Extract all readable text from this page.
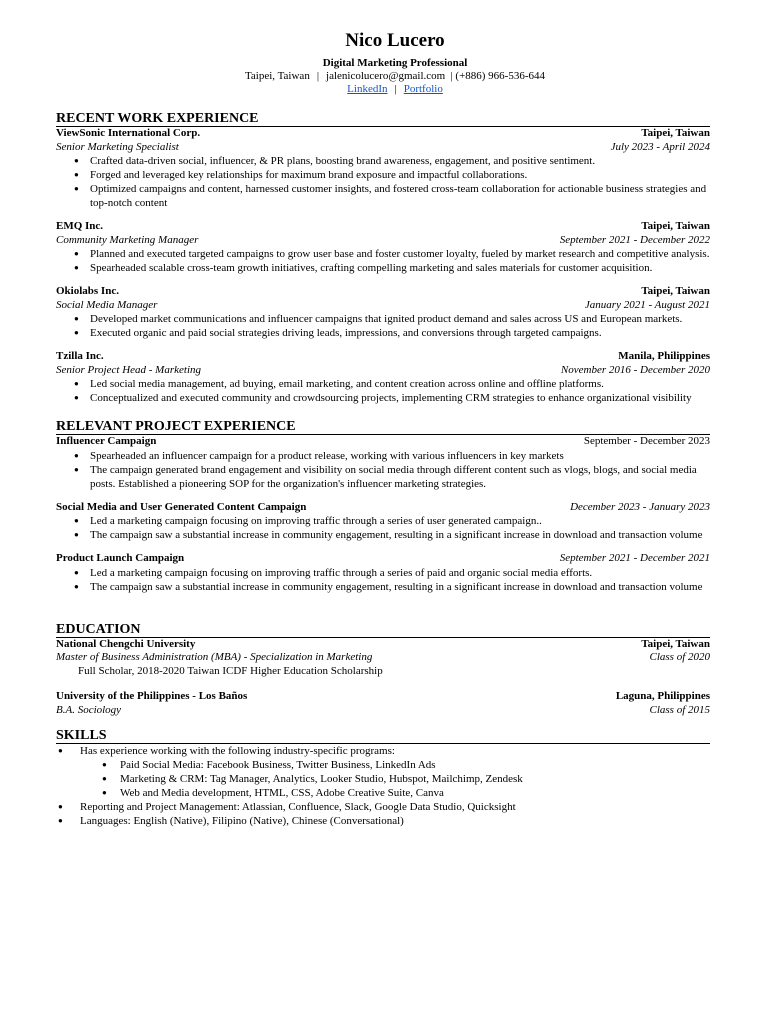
Nico Lucero
Digital Marketing Professional
Taipei, Taiwan | jalenicolucero@gmail.com | (+886) 966-536-644
LinkedIn | Portfolio
RECENT WORK EXPERIENCE
ViewSonic International Corp.	Taipei, Taiwan
Senior Marketing Specialist	July 2023 - April 2024
● Crafted data-driven social, influencer, & PR plans, boosting brand awareness, engagement, and positive sentiment.
● Forged and leveraged key relationships for maximum brand exposure and impactful collaborations.
● Optimized campaigns and content, harnessed customer insights, and fostered cross-team collaboration for actionable business strategies and top-notch content
EMQ Inc.	Taipei, Taiwan
Community Marketing Manager	September 2021 - December 2022
● Planned and executed targeted campaigns to grow user base and foster customer loyalty, fueled by market research and competitive analysis.
● Spearheaded scalable cross-team growth initiatives, crafting compelling marketing and sales materials for customer acquisition.
Okiolabs Inc.	Taipei, Taiwan
Social Media Manager	January 2021 - August 2021
● Developed market communications and influencer campaigns that ignited product demand and sales across US and European markets.
● Executed organic and paid social strategies driving leads, impressions, and conversions through targeted campaigns.
Tzilla Inc.	Manila, Philippines
Senior Project Head - Marketing	November 2016 - December 2020
● Led social media management, ad buying, email marketing, and content creation across online and offline platforms.
● Conceptualized and executed community and crowdsourcing projects, implementing CRM strategies to enhance organizational visibility
RELEVANT PROJECT EXPERIENCE
Influencer Campaign	September - December 2023
● Spearheaded an influencer campaign for a product release, working with various influencers in key markets
● The campaign generated brand engagement and visibility on social media through different content such as vlogs, blogs, and social media posts. Established a pioneering SOP for the organization's influencer marketing strategies.
Social Media and User Generated Content Campaign	December 2023 - January 2023
● Led a marketing campaign focusing on improving traffic through a series of user generated campaign..
● The campaign saw a substantial increase in community engagement, resulting in a significant increase in download and transaction volume
Product Launch Campaign	September 2021 - December 2021
● Led a marketing campaign focusing on improving traffic through a series of paid and organic social media efforts.
● The campaign saw a substantial increase in community engagement, resulting in a significant increase in download and transaction volume
EDUCATION
National Chengchi University	Taipei, Taiwan
Master of Business Administration (MBA) - Specialization in Marketing	Class of 2020
Full Scholar, 2018-2020 Taiwan ICDF Higher Education Scholarship
University of the Philippines - Los Baños	Laguna, Philippines
B.A. Sociology	Class of 2015
SKILLS
● Has experience working with the following industry-specific programs:
● Paid Social Media: Facebook Business, Twitter Business, LinkedIn Ads
● Marketing & CRM: Tag Manager, Analytics, Looker Studio, Hubspot, Mailchimp, Zendesk
● Web and Media development, HTML, CSS, Adobe Creative Suite, Canva
● Reporting and Project Management: Atlassian, Confluence, Slack, Google Data Studio, Quicksight
● Languages: English (Native), Filipino (Native), Chinese (Conversational)
